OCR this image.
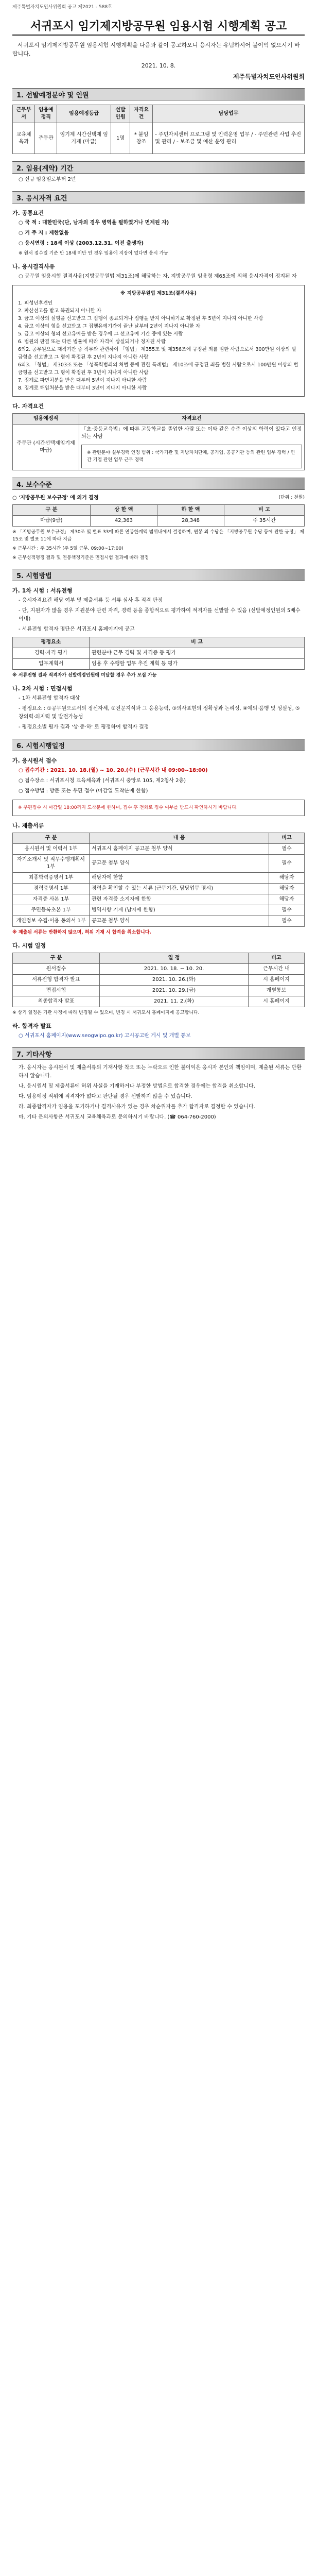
제주특별자치도인사위원회 공고 제2021 - 588호
서귀포시 임기제지방공무원 임용시험 시행계획 공고
서귀포시 임기제지방공무원 임용시험 시행계획을 다음과 같이 공고하오니 응시자는 유념하시어 불이익 없으시기 바랍니다.
2021. 10. 8.
제주특별자치도인사위원회
1. 선발예정분야 및 인원
근무부서	임용예정직	임용예정등급	선발인원	자격요건	담당업무
교육체육과	주무관	임기제 시간선택제 임기제 (마급)	1명	* 붙임 참조	- 주민자치센터 프로그램 및 인력운영 업무 / - 주민관련 사업 추진 및 관리 / - 보조금 및 예산 운영 관리
2. 임용(계약) 기간
○ 신규 임용일로부터 2년
3. 응시자격 요건
가. 공통요건
○ 국 적 : 대한민국(단, 남자의 경우 병역을 필하였거나 면제된 자)
○ 거 주 지 : 제한없음
○ 응시연령 : 18세 이상 (2003.12.31. 이전 출생자)
※ 원서 접수일 기준 만 18세 미만 인 경우 임용에 지장이 없다면 응시 가능
나. 응시결격사유
○ 공무원 임용시험 결격사유(지방공무원법 제31조)에 해당하는 자, 지방공무원 임용령 제65조에 의해 응시자격이 정지된 자
※ 지방공무원법 제31조(결격사유)
1. 피성년후견인
2. 파산선고를 받고 복권되지 아니한 자
3. 금고 이상의 실형을 선고받고 그 집행이 종료되거나 집행을 받지 아니하기로 확정된 후 5년이 지나지 아니한 사람
4. 금고 이상의 형을 선고받고 그 집행유예기간이 끝난 날부터 2년이 지나지 아니한 자
5. 금고 이상의 형의 선고유예를 받은 경우에 그 선고유예 기간 중에 있는 사람
6. 법원의 판결 또는 다른 법률에 따라 자격이 상실되거나 정지된 사람
6의2. 공무원으로 재직기간 중 직무와 관련하여 「형법」 제355조 및 제356조에 규정된 죄를 범한 사람으로서 300만원 이상의 벌금형을 선고받고 그 형이 확정된 후 2년이 지나지 아니한 사람
6의3. 「형법」 제303조 또는 「성폭력범죄의 처벌 등에 관한 특례법」 제10조에 규정된 죄를 범한 사람으로서 100만원 이상의 벌금형을 선고받고 그 형이 확정된 후 3년이 지나지 아니한 사람
7. 징계로 파면처분을 받은 때부터 5년이 지나지 아니한 사람
8. 징계로 해임처분을 받은 때부터 3년이 지나지 아니한 사람
다. 자격요건
임용예정직	자격요건
주무관 (시간선택제임기제 마급)	「초·중등교육법」에 따른 고등학교를 졸업한 사람 또는 이와 같은 수준 이상의 학력이 있다고 인정되는 사람
※ 관련분야 실무경력 인정 범위 : 국가기관 및 지방자치단체, 공기업, 공공기관 등의 관련 업무 경력 / 민간 기업 관련 업무 근무 경력
4. 보수수준
○ '지방공무원 보수규정' 에 의거 결정	(단위 : 천원)
구 분	상 한 액	하 한 액	비 고
마급(9급)	42,363	28,348	주 35시간
※ 「지방공무원 보수규정」 제30조 및 별표 33에 따른 연봉한계액 범위내에서 결정하며, 연봉 외 수당은 「지방공무원 수당 등에 관한 규정」 제15조 및 별표 11에 따라 지급
※ 근무시간 : 주 35시간 (주 5일 근무, 09:00~17:00)
※ 근무성적평정 결과 및 연봉책정기준은 면접시험 결과에 따라 결정
5. 시험방법
가. 1차 시험 : 서류전형
- 응시자격요건 해당 여부 및 제출서류 등 서류 심사 후 적격 판정
- 단, 지원자가 많을 경우 지원분야 관련 자격, 경력 등을 종합적으로 평가하여 적격자를 선발할 수 있음 (선발예정인원의 5배수 이내)
- 서류전형 합격자 명단은 서귀포시 홈페이지에 공고
평정요소	비 고
경력·자격 평가	관련분야 근무 경력 및 자격증 등 평가
업무계획서	임용 후 수행할 업무 추진 계획 등 평가
※ 서류전형 결과 적격자가 선발예정인원에 미달할 경우 추가 모집 가능
나. 2차 시험 : 면접시험
- 1차 서류전형 합격자 대상
- 평정요소 : ①공무원으로서의 정신자세, ②전문지식과 그 응용능력, ③의사표현의 정확성과 논리성, ④예의·품행 및 성실성, ⑤창의력·의지력 및 발전가능성
- 평정요소별 평가 결과 '상·중·하' 로 평정하여 합격자 결정
6. 시험시행일정
가. 응시원서 접수
○ 접수기간 : 2021. 10. 18.(월) ~ 10. 20.(수) (근무시간 내 09:00~18:00)
○ 접수장소 : 서귀포시청 교육체육과 (서귀포시 중앙로 105, 제2청사 2층)
○ 접수방법 : 방문 또는 우편 접수 (마감일 도착분에 한함)
※ 우편접수 시 마감일 18:00까지 도착분에 한하며, 접수 후 전화로 접수 여부를 반드시 확인하시기 바랍니다.
나. 제출서류
구 분	내 용	비고
응시원서 및 이력서 1부	서귀포시 홈페이지 공고문 첨부 양식	필수
자기소개서 및 직무수행계획서 1부	공고문 첨부 양식	필수
최종학력증명서 1부	해당자에 한함	해당자
경력증명서 1부	경력을 확인할 수 있는 서류 (근무기간, 담당업무 명시)	해당자
자격증 사본 1부	관련 자격증 소지자에 한함	해당자
주민등록초본 1부	병역사항 기재 (남자에 한함)	필수
개인정보 수집·이용 동의서 1부	공고문 첨부 양식	필수
※ 제출된 서류는 반환하지 않으며, 허위 기재 시 합격을 취소합니다.
다. 시험 일정
구 분	일 정	비고
원서접수	2021. 10. 18. ~ 10. 20.	근무시간 내
서류전형 합격자 발표	2021. 10. 26.(화)	시 홈페이지
면접시험	2021. 10. 29.(금)	개별통보
최종합격자 발표	2021. 11. 2.(화)	시 홈페이지
※ 상기 일정은 기관 사정에 따라 변경될 수 있으며, 변경 시 서귀포시 홈페이지에 공고합니다.
라. 합격자 발표
○ 서귀포시 홈페이지(www.seogwipo.go.kr) 고시공고란 게시 및 개별 통보
7. 기타사항
가. 응시자는 응시원서 및 제출서류의 기재사항 착오 또는 누락으로 인한 불이익은 응시자 본인의 책임이며, 제출된 서류는 반환하지 않습니다.
나. 응시원서 및 제출서류에 허위 사실을 기재하거나 부정한 방법으로 합격한 경우에는 합격을 취소합니다.
다. 임용예정 직위에 적격자가 없다고 판단될 경우 선발하지 않을 수 있습니다.
라. 최종합격자가 임용을 포기하거나 결격사유가 있는 경우 차순위자를 추가 합격자로 결정할 수 있습니다.
마. 기타 문의사항은 서귀포시 교육체육과로 문의하시기 바랍니다. (☎ 064-760-2000)
